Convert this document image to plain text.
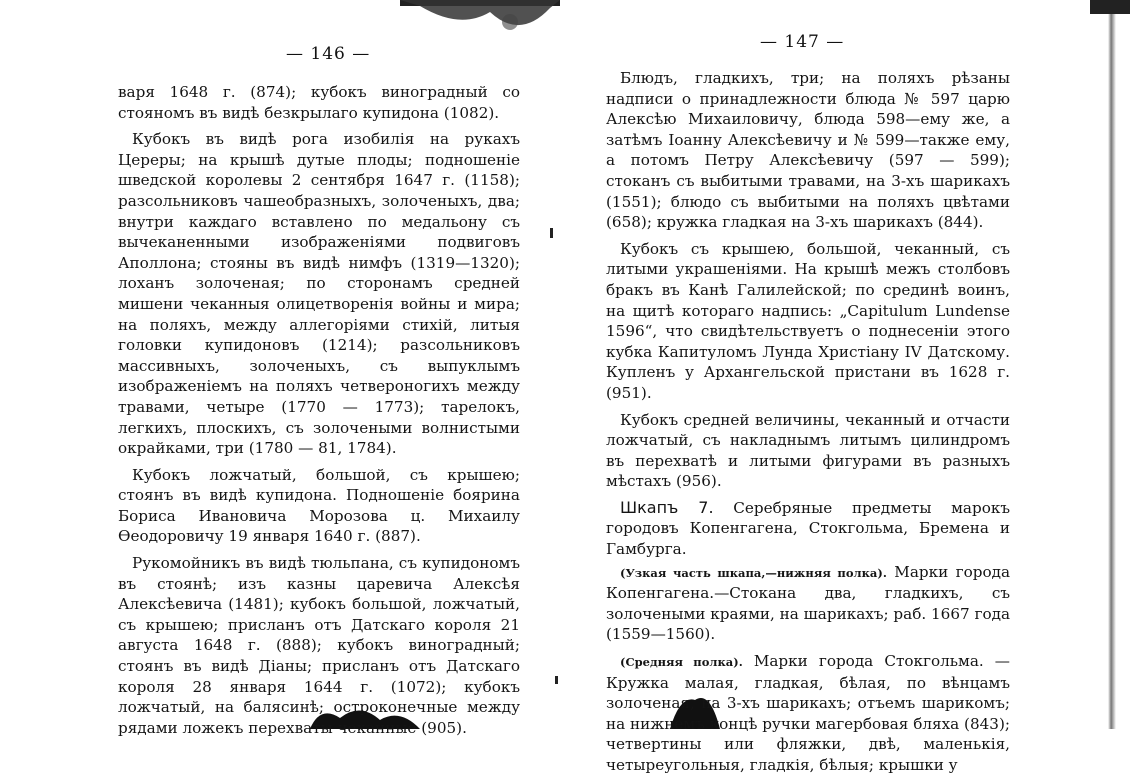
— 146 —

варя 1648 г. (874); кубокъ виноградный со стояномъ въ видѣ безкрылаго купидона (1082).

Кубокъ въ видѣ рога изобилія на рукахъ Цереры; на крышѣ дутые плоды; подношеніе шведской королевы 2 сентября 1647 г. (1158); разсольниковъ чашеобразныхъ, золоченыхъ, два; внутри каждаго вставлено по медальону съ вычеканенными изображеніями подвиговъ Аполлона; стояны въ видѣ нимфъ (1319—1320); лоханъ золоченая; по сторонамъ средней мишени чеканныя олицетворенія войны и мира; на поляхъ, между аллегоріями стихій, литыя головки купидоновъ (1214); разсольниковъ массивныхъ, золоченыхъ, съ выпуклымъ изображеніемъ на поляхъ четвероногихъ между травами, четыре (1770 — 1773); тарелокъ, легкихъ, плоскихъ, съ золочеными волнистыми окрайками, три (1780 — 81, 1784).

Кубокъ ложчатый, большой, съ крышею; стоянъ въ видѣ купидона. Подношеніе боярина Бориса Ивановича Морозова ц. Михаилу Ѳеодоровичу 19 января 1640 г. (887).

Рукомойникъ въ видѣ тюльпана, съ купидономъ въ стоянѣ; изъ казны царевича Алексѣя Алексѣевича (1481); кубокъ большой, ложчатый, съ крышею; присланъ отъ Датскаго короля 21 августа 1648 г. (888); кубокъ виноградный; стоянъ въ видѣ Діаны; присланъ отъ Датскаго короля 28 января 1644 г. (1072); кубокъ ложчатый, на балясинѣ; остроконечные между рядами ложекъ перехваты чеканные (905).

— 147 —

Блюдъ, гладкихъ, три; на поляхъ рѣзаны надписи о принадлежности блюда № 597 царю Алексѣю Михаиловичу, блюда 598—ему же, а затѣмъ Іоанну Алексѣевичу и № 599—также ему, а потомъ Петру Алексѣевичу (597 — 599); стоканъ съ выбитыми травами, на 3-хъ шарикахъ (1551); блюдо съ выбитыми на поляхъ цвѣтами (658); кружка гладкая на 3-хъ шарикахъ (844).

Кубокъ съ крышею, большой, чеканный, съ литыми украшеніями. На крышѣ межъ столбовъ бракъ въ Канѣ Галилейской; по срединѣ воинъ, на щитѣ котораго надпись: „Capitulum Lundense 1596“, что свидѣтельствуетъ о поднесеніи этого кубка Капитуломъ Лунда Христіану IV Датскому. Купленъ у Архангельской пристани въ 1628 г. (951).

Кубокъ средней величины, чеканный и отчасти ложчатый, съ накладнымъ литымъ цилиндромъ въ перехватѣ и литыми фигурами въ разныхъ мѣстахъ (956).

Шкапъ 7. Серебряные предметы марокъ городовъ Копенгагена, Стокгольма, Бремена и Гамбурга.

(Узкая часть шкапа,—нижняя полка). Марки города Копенгагена.—Стокана два, гладкихъ, съ золочеными краями, на шарикахъ; раб. 1667 года (1559—1560).

(Средняя полка). Марки города Стокгольма. — Кружка малая, гладкая, бѣлая, по вѣнцамъ золоченая, на 3-хъ шарикахъ; отъемъ шарикомъ; на нижнемъ концѣ ручки магербовая бляха (843); четвертины или фляжки, двѣ, маленькія, четыреугольныя, гладкія, бѣлыя; крышки у
